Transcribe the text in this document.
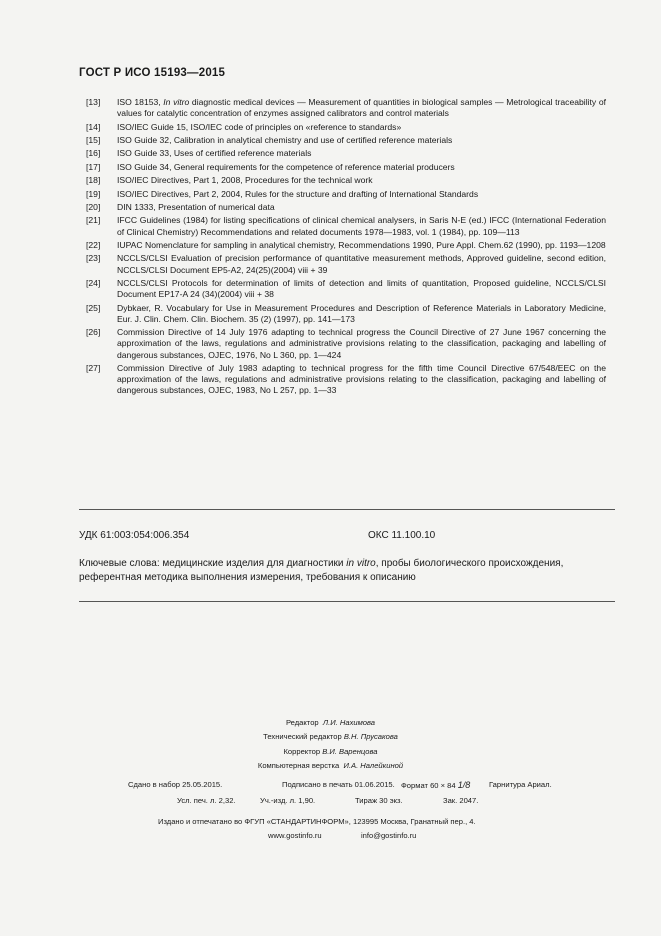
ГОСТ Р ИСО 15193—2015
[13]	ISO 18153, In vitro diagnostic medical devices — Measurement of quantities in biological samples — Metrological traceability of values for catalytic concentration of enzymes assigned calibrators and control materials
[14]	ISO/IEC Guide 15, ISO/IEC code of principles on «reference to standards»
[15]	ISO Guide 32, Calibration in analytical chemistry and use of certified reference materials
[16]	ISO Guide 33, Uses of certified reference materials
[17]	ISO Guide 34, General requirements for the competence of reference material producers
[18]	ISO/IEC Directives, Part 1, 2008, Procedures for the technical work
[19]	ISO/IEC Directives, Part 2, 2004, Rules for the structure and drafting of International Standards
[20]	DIN 1333, Presentation of numerical data
[21]	IFCC Guidelines (1984) for listing specifications of clinical chemical analysers, in Saris N-E (ed.) IFCC (International Federation of Clinical Chemistry) Recommendations and related documents 1978—1983, vol. 1 (1984), pp. 109—113
[22]	IUPAC Nomenclature for sampling in analytical chemistry, Recommendations 1990, Pure Appl. Chem.62 (1990), pp. 1193—1208
[23]	NCCLS/CLSI Evaluation of precision performance of quantitative measurement methods, Approved guideline, second edition, NCCLS/CLSI Document EP5-A2, 24(25)(2004) viii + 39
[24]	NCCLS/CLSI Protocols for determination of limits of detection and limits of quantitation, Proposed guideline, NCCLS/CLSI Document EP17-A 24 (34)(2004) viii + 38
[25]	Dybkaer, R. Vocabulary for Use in Measurement Procedures and Description of Reference Materials in Laboratory Medicine, Eur. J. Clin. Chem. Clin. Biochem. 35 (2) (1997), pp. 141—173
[26]	Commission Directive of 14 July 1976 adapting to technical progress the Council Directive of 27 June 1967 concerning the approximation of the laws, regulations and administrative provisions relating to the classification, packaging and labelling of dangerous substances, OJEC, 1976, No L 360, pp. 1—424
[27]	Commission Directive of July 1983 adapting to technical progress for the fifth time Council Directive 67/548/EEC on the approximation of the laws, regulations and administrative provisions relating to the classification, packaging and labelling of dangerous substances, OJEC, 1983, No L 257, pp. 1—33
УДК 61:003:054:006.354	ОКС 11.100.10
Ключевые слова: медицинские изделия для диагностики in vitro, пробы биологического происхождения, референтная методика выполнения измерения, требования к описанию
Редактор Л.И. Нахимова
Технический редактор В.Н. Прусакова
Корректор В.И. Варенцова
Компьютерная верстка И.А. Налейкиной
Сдано в набор 25.05.2015.	Подписано в печать 01.06.2015. Формат 60 × 84 1/8 Гарнитура Ариал.
Усл. печ. л. 2,32.	Уч.-изд. л. 1,90.	Тираж 30 экз.	Зак. 2047.
Издано и отпечатано во ФГУП «СТАНДАРТИНФОРМ», 123995 Москва, Гранатный пер., 4.
www.gostinfo.ru	info@gostinfo.ru
